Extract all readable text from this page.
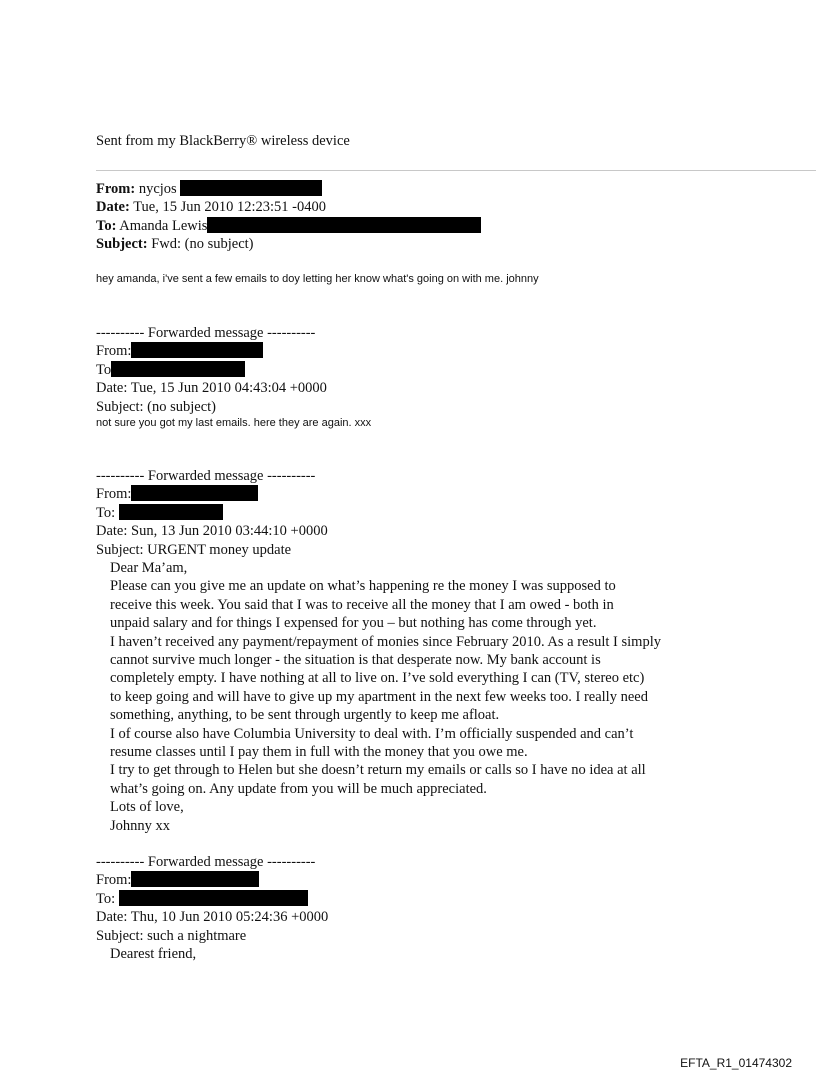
Sent from my BlackBerry® wireless device
From: nycjos
Date: Tue, 15 Jun 2010 12:23:51 -0400
To: Amanda Lewis
Subject: Fwd: (no subject)
hey amanda, i've sent a few emails to doy letting her know what's going on with me. johnny
---------- Forwarded message ----------
From:
To
Date: Tue, 15 Jun 2010 04:43:04 +0000
Subject: (no subject)
not sure you got my last emails. here they are again. xxx
---------- Forwarded message ----------
From:
To:
Date: Sun, 13 Jun 2010 03:44:10 +0000
Subject: URGENT money update
Dear Ma’am,
Please can you give me an update on what’s happening re the money I was supposed to
receive this week. You said that I was to receive all the money that I am owed - both in
unpaid salary and for things I expensed for you – but nothing has come through yet.
I haven’t received any payment/repayment of monies since February 2010. As a result I simply
cannot survive much longer - the situation is that desperate now. My bank account is
completely empty. I have nothing at all to live on. I’ve sold everything I can (TV, stereo etc)
to keep going and will have to give up my apartment in the next few weeks too. I really need
something, anything, to be sent through urgently to keep me afloat.
I of course also have Columbia University to deal with. I’m officially suspended and can’t
resume classes until I pay them in full with the money that you owe me.
I try to get through to Helen but she doesn’t return my emails or calls so I have no idea at all
what’s going on. Any update from you will be much appreciated.
Lots of love,
Johnny xx
---------- Forwarded message ----------
From:
To:
Date: Thu, 10 Jun 2010 05:24:36 +0000
Subject: such a nightmare
Dearest friend,
EFTA_R1_01474302
